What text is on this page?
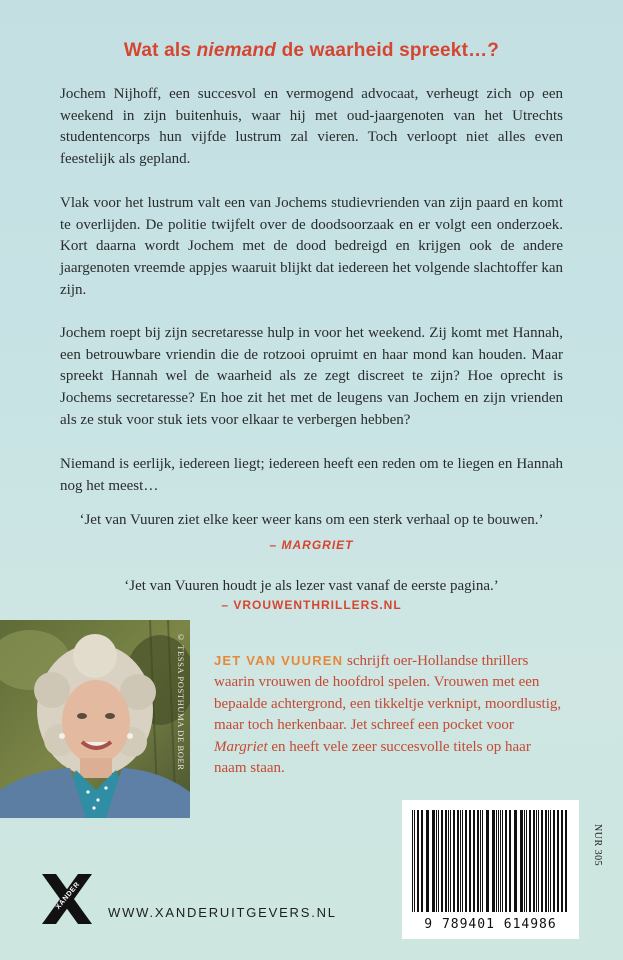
Wat als niemand de waarheid spreekt…?

Jochem Nijhoff, een succesvol en vermogend advocaat, verheugt zich op een weekend in zijn buitenhuis, waar hij met oud-jaargenoten van het Utrechts studentencorps hun vijfde lustrum zal vieren. Toch verloopt niet alles even feestelijk als gepland.

Vlak voor het lustrum valt een van Jochems studievrienden van zijn paard en komt te overlijden. De politie twijfelt over de doodsoorzaak en er volgt een onderzoek. Kort daarna wordt Jochem met de dood bedreigd en krijgen ook de andere jaargenoten vreemde appjes waaruit blijkt dat iedereen het volgende slachtoffer kan zijn.

Jochem roept bij zijn secretaresse hulp in voor het weekend. Zij komt met Hannah, een betrouwbare vriendin die de rotzooi opruimt en haar mond kan houden. Maar spreekt Hannah wel de waarheid als ze zegt discreet te zijn? Hoe oprecht is Jochems secretaresse? En hoe zit het met de leugens van Jochem en zijn vrienden als ze stuk voor stuk iets voor elkaar te verbergen hebben?

Niemand is eerlijk, iedereen liegt; iedereen heeft een reden om te liegen en Hannah nog het meest…

‘Jet van Vuuren ziet elke keer weer kans om een sterk verhaal op te bouwen.’
– MARGRIET
‘Jet van Vuuren houdt je als lezer vast vanaf de eerste pagina.’
– VROUWENTHRILLERS.NL
© TESSA POSTHUMA DE BOER JET VAN VUUREN schrijft oer-Hollandse thrillers waarin vrouwen de hoofdrol spelen. Vrouwen met een bepaalde achtergrond, een tikkeltje verknipt, moordlustig, maar toch herkenbaar. Jet schreef een pocket voor Margriet en heeft vele zeer succesvolle titels op haar naam staan.

9 789401 614986
NUR 305
XANDER
WWW.XANDERUITGEVERS.NL
